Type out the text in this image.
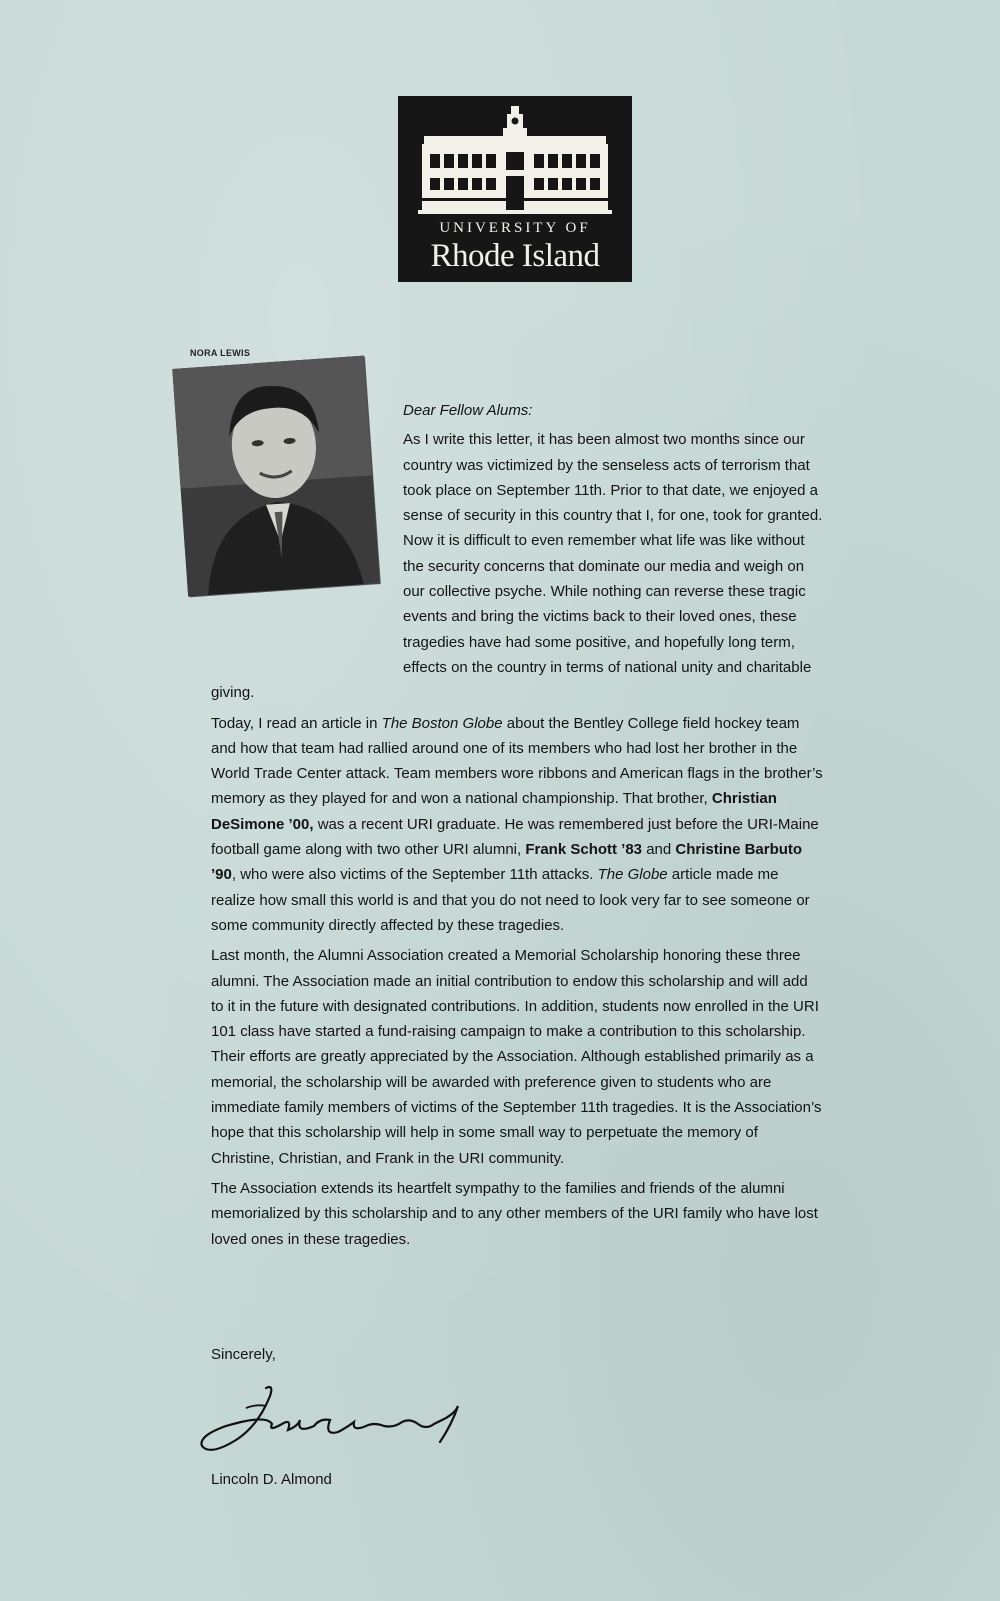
UNIVERSITY OF
Rhode Island
NORA LEWIS
Dear Fellow Alums:

As I write this letter, it has been almost two months since our country was victimized by the senseless acts of terrorism that took place on September 11th. Prior to that date, we enjoyed a sense of security in this country that I, for one, took for granted. Now it is difficult to even remember what life was like without the security concerns that dominate our media and weigh on our collective psyche. While nothing can reverse these tragic events and bring the victims back to their loved ones, these tragedies have had some positive, and hopefully long term, effects on the country in terms of national unity and charitable giving.

Today, I read an article in The Boston Globe about the Bentley College field hockey team and how that team had rallied around one of its members who had lost her brother in the World Trade Center attack. Team members wore ribbons and American flags in the brother’s memory as they played for and won a national championship. That brother, Christian DeSimone ’00, was a recent URI graduate. He was remembered just before the URI-Maine football game along with two other URI alumni, Frank Schott ’83 and Christine Barbuto ’90, who were also victims of the September 11th attacks. The Globe article made me realize how small this world is and that you do not need to look very far to see someone or some community directly affected by these tragedies.

Last month, the Alumni Association created a Memorial Scholarship honoring these three alumni. The Association made an initial contribution to endow this scholarship and will add to it in the future with designated contributions. In addition, students now enrolled in the URI 101 class have started a fund-raising campaign to make a contribution to this scholarship. Their efforts are greatly appreciated by the Association. Although established primarily as a memorial, the scholarship will be awarded with preference given to students who are immediate family members of victims of the September 11th tragedies. It is the Association’s hope that this scholarship will help in some small way to perpetuate the memory of Christine, Christian, and Frank in the URI community.

The Association extends its heartfelt sympathy to the families and friends of the alumni memorialized by this scholarship and to any other members of the URI family who have lost loved ones in these tragedies.

Sincerely,
Lincoln D. Almond
